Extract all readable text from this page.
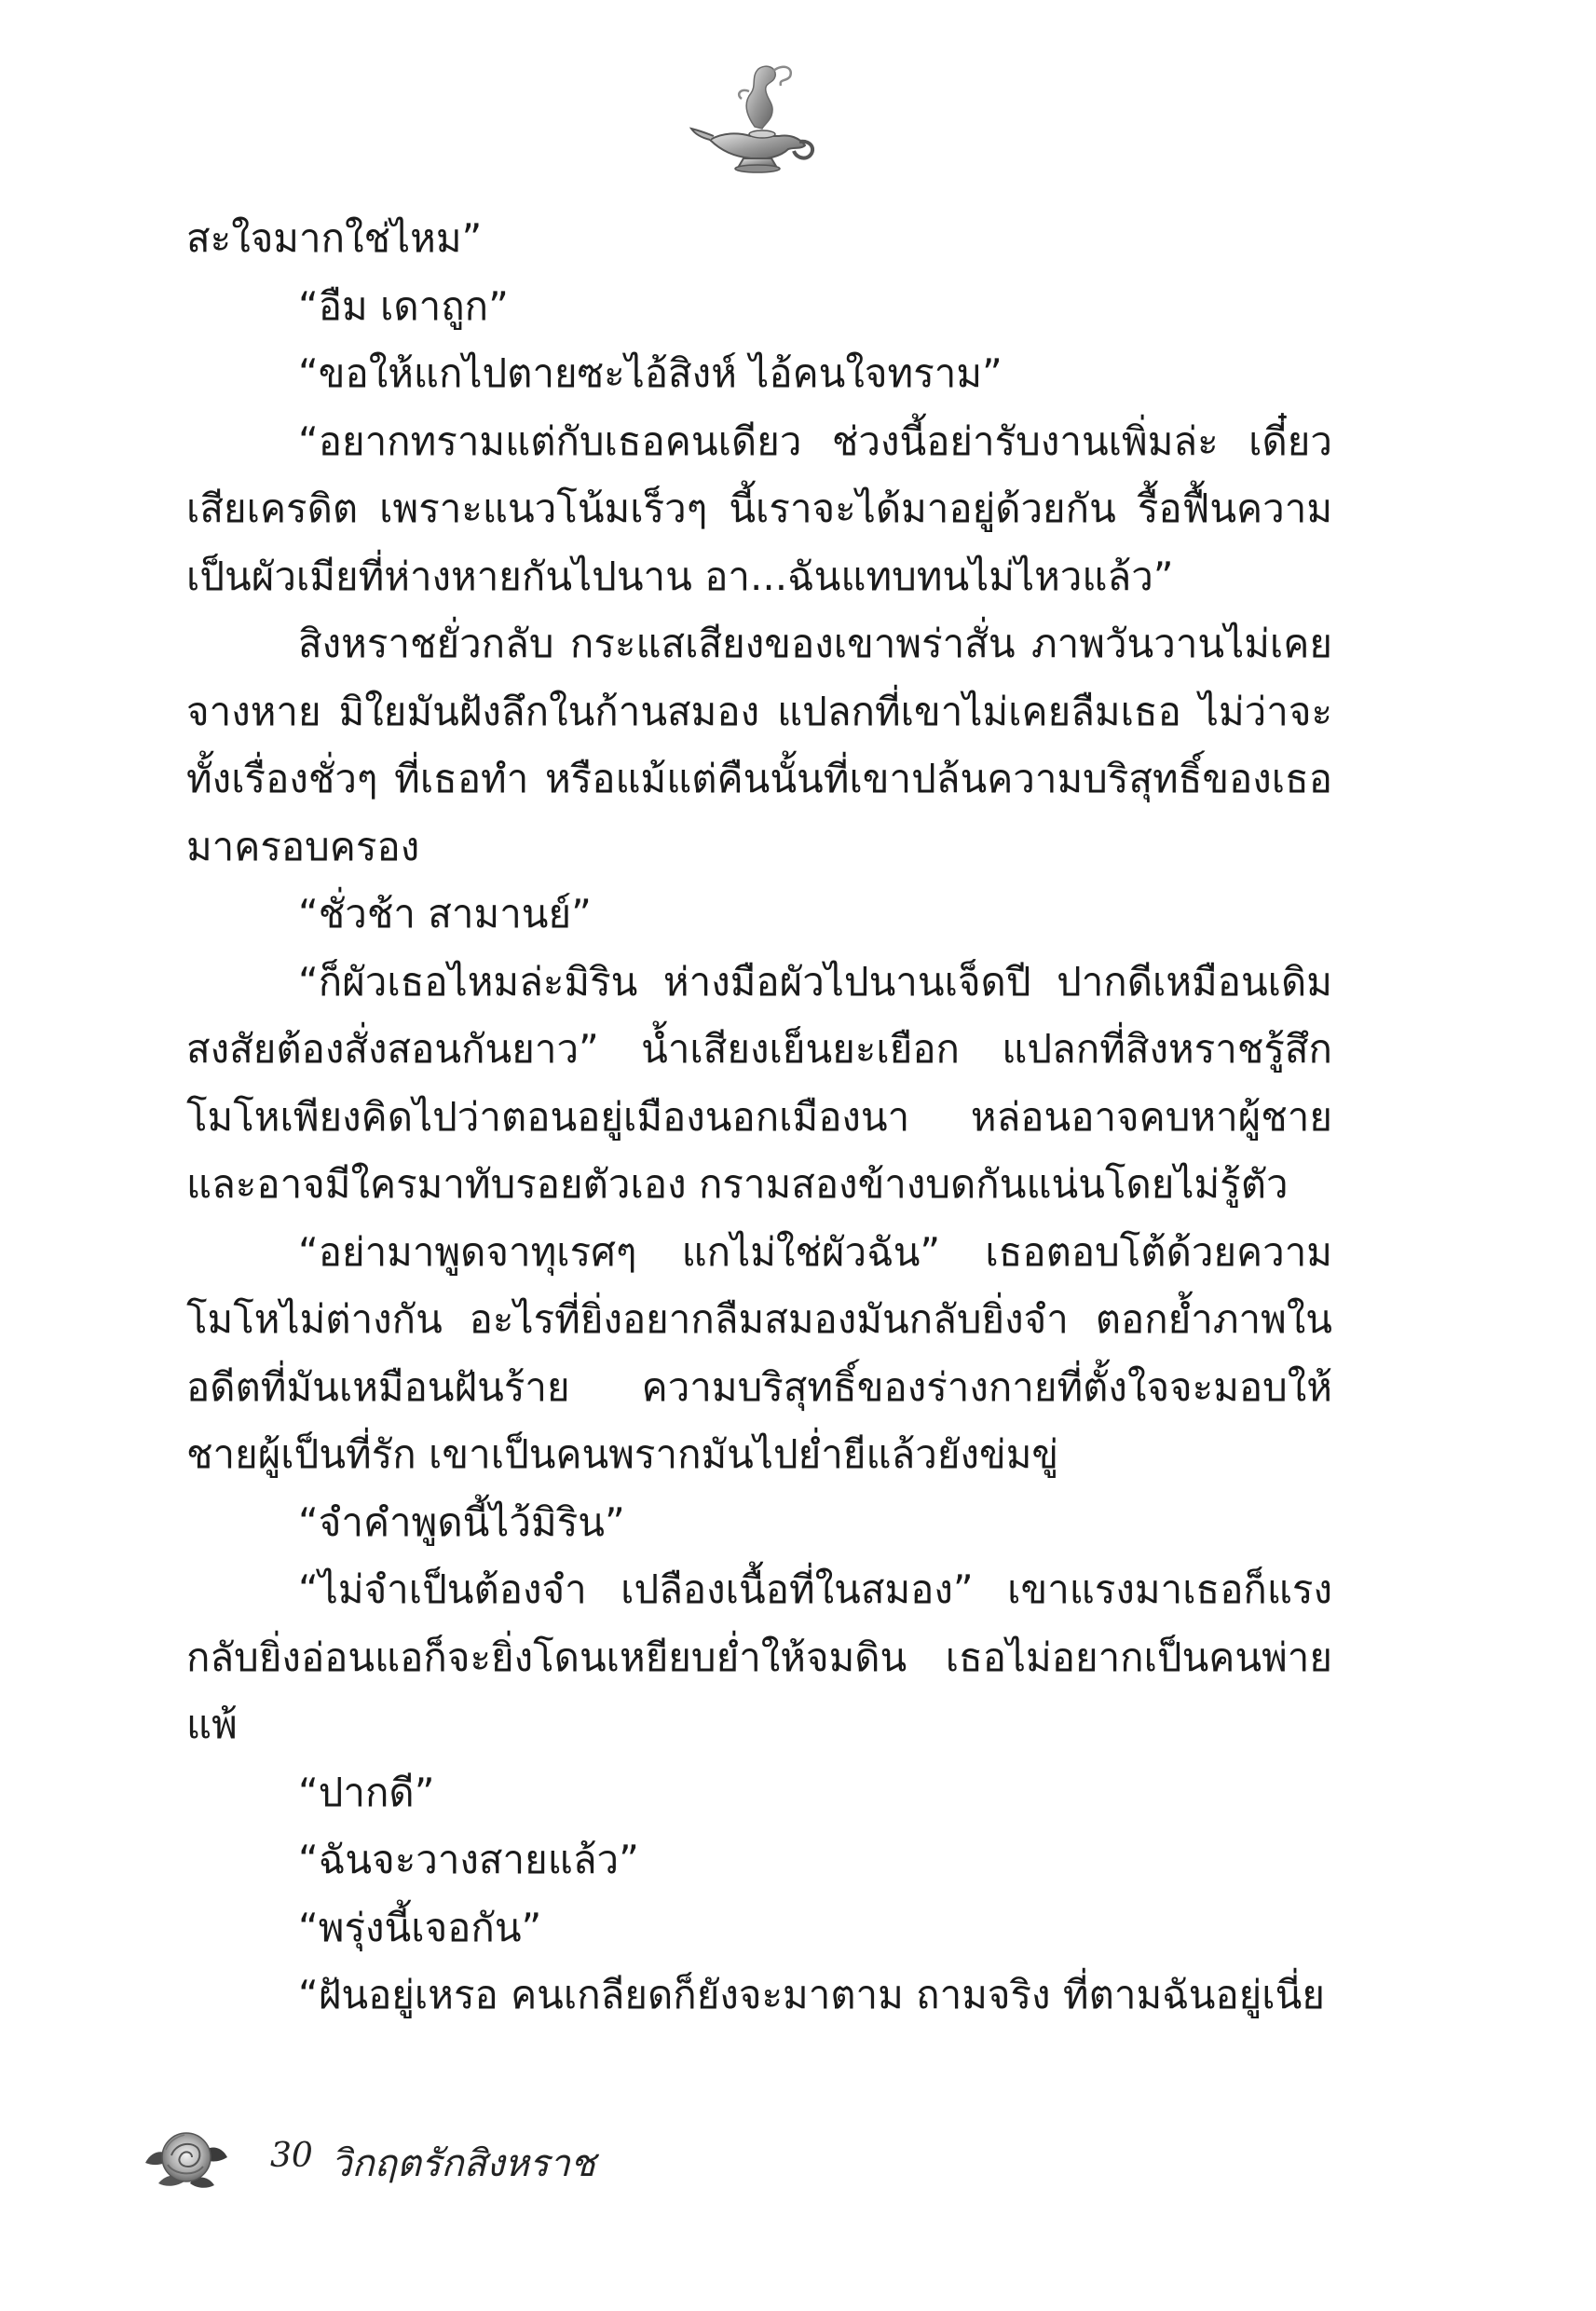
สะใจมากใช่ไหม”

“อืม เดาถูก”

“ขอให้แกไปตายซะไอ้สิงห์ ไอ้คนใจทราม”

“อยากทรามแต่กับเธอคนเดียว ช่วงนี้อย่ารับงานเพิ่มล่ะ เดี๋ยวเสียเครดิต เพราะแนวโน้มเร็วๆ นี้เราจะได้มาอยู่ด้วยกัน รื้อฟื้นความเป็นผัวเมียที่ห่างหายกันไปนาน อา...ฉันแทบทนไม่ไหวแล้ว”

สิงหราชยั่วกลับ กระแสเสียงของเขาพร่าสั่น ภาพวันวานไม่เคยจางหาย มิใยมันฝังลึกในก้านสมอง แปลกที่เขาไม่เคยลืมเธอ ไม่ว่าจะทั้งเรื่องชั่วๆ ที่เธอทำ หรือแม้แต่คืนนั้นที่เขาปล้นความบริสุทธิ์ของเธอมาครอบครอง

“ชั่วช้า สามานย์”

“ก็ผัวเธอไหมล่ะมิริน ห่างมือผัวไปนานเจ็ดปี ปากดีเหมือนเดิมสงสัยต้องสั่งสอนกันยาว” น้ำเสียงเย็นยะเยือก แปลกที่สิงหราชรู้สึกโมโหเพียงคิดไปว่าตอนอยู่เมืองนอกเมืองนา หล่อนอาจคบหาผู้ชายและอาจมีใครมาทับรอยตัวเอง กรามสองข้างบดกันแน่นโดยไม่รู้ตัว

“อย่ามาพูดจาทุเรศๆ แกไม่ใช่ผัวฉัน” เธอตอบโต้ด้วยความโมโหไม่ต่างกัน อะไรที่ยิ่งอยากลืมสมองมันกลับยิ่งจำ ตอกย้ำภาพในอดีตที่มันเหมือนฝันร้าย ความบริสุทธิ์ของร่างกายที่ตั้งใจจะมอบให้ชายผู้เป็นที่รัก เขาเป็นคนพรากมันไปย่ำยีแล้วยังข่มขู่

“จำคำพูดนี้ไว้มิริน”

“ไม่จำเป็นต้องจำ เปลืองเนื้อที่ในสมอง” เขาแรงมาเธอก็แรงกลับยิ่งอ่อนแอก็จะยิ่งโดนเหยียบย่ำให้จมดิน เธอไม่อยากเป็นคนพ่ายแพ้

“ปากดี”

“ฉันจะวางสายแล้ว”

“พรุ่งนี้เจอกัน”

“ฝันอยู่เหรอ คนเกลียดก็ยังจะมาตาม ถามจริง ที่ตามฉันอยู่เนี่ย

30 วิกฤตรักสิงหราช
